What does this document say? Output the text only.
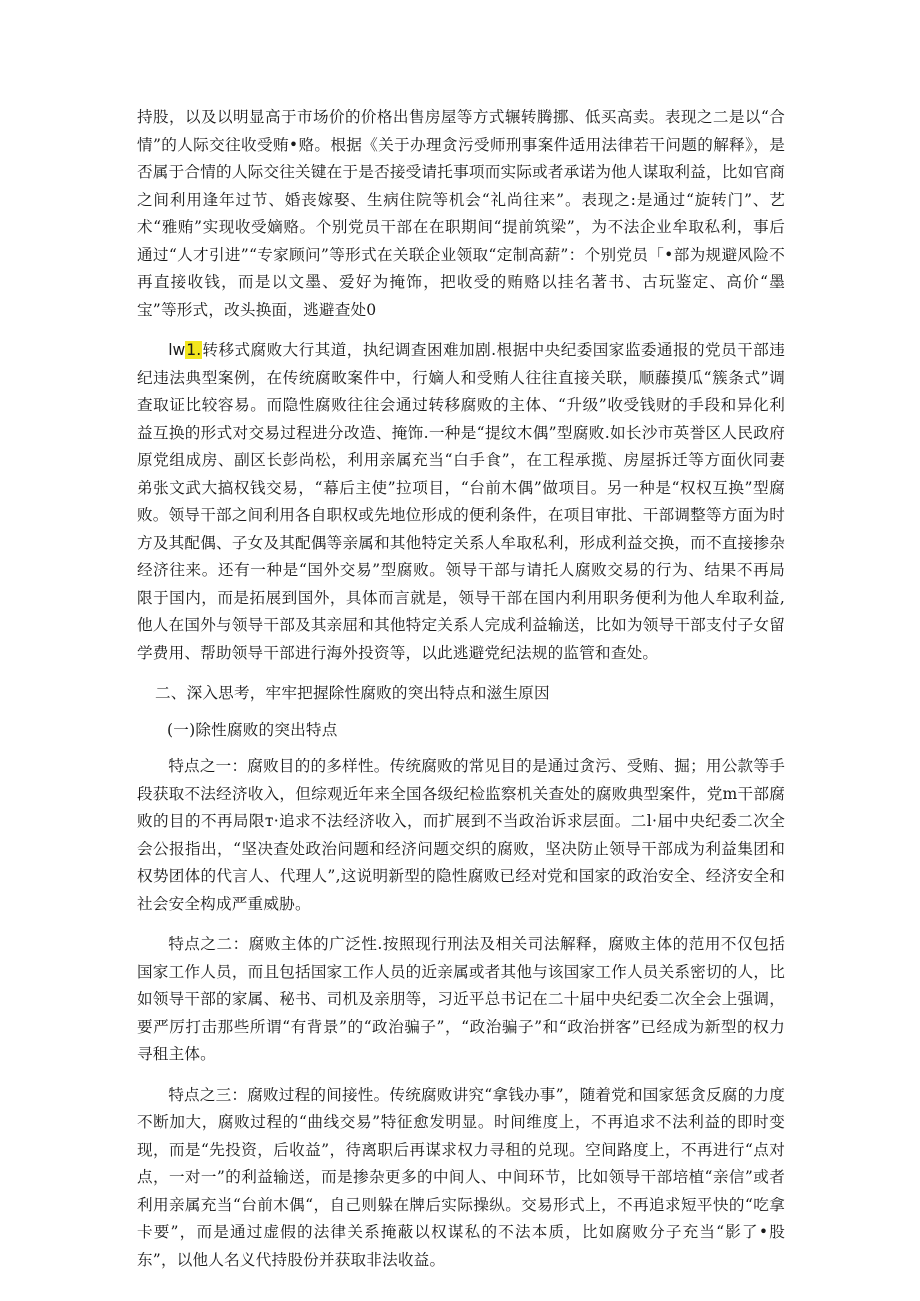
持股，以及以明显高于市场价的价格出售房屋等方式辗转腾挪、低买高卖。表现之二是以“合情”的人际交往收受贿•赂。根据《关于办理贪污受师刑事案件适用法律若干问题的解释》，是否属于合情的人际交往关键在于是否接受请托事项而实际或者承诺为他人谋取利益，比如官商之间利用逢年过节、婚丧嫁娶、生病住院等机会“礼尚往来”。表现之:是通过“旋转门”、艺术“雅贿”实现收受嫡赂。个别党员干部在在职期间“提前筑梁”，为不法企业牟取私利，事后通过“人才引进”“专家顾问”等形式在关联企业领取“定制高薪”：个别党员「•部为规避风险不再直接收钱，而是以文墨、爱好为掩饰，把收受的贿赂以挂名著书、古玩鉴定、高价“墨宝”等形式，改头换面，逃避查处0

lw1.转移式腐败大行其道，执纪调查困难加剧.根据中央纪委国家监委通报的党员干部违纪违法典型案例，在传统腐畋案件中，行嫡人和受贿人往往直接关联，顺藤摸瓜“簇条式”调查取证比较容易。而隐性腐败往往会通过转移腐败的主体、“升级”收受钱财的手段和异化利益互换的形式对交易过程进分改造、掩饰.一种是“提纹木偶”型腐败.如长沙市英誉区人民政府原党组成房、副区长彭尚松，利用亲属充当“白手食”，在工程承揽、房屋拆迁等方面伙同妻弟张文武大搞权钱交易，“幕后主使”拉项目，“台前木偶”做项目。另一种是“权权互换”型腐败。领导干部之间利用各自职权或先地位形成的便利条件，在项目审批、干部调整等方面为时方及其配偶、子女及其配偶等亲属和其他特定关系人牟取私利，形成利益交换，而不直接掺杂经济往来。还有一种是“国外交易”型腐败。领导干部与请托人腐败交易的行为、结果不再局限于国内，而是拓展到国外，具体而言就是，领导干部在国内利用职务便利为他人牟取利益,他人在国外与领导干部及其亲屈和其他特定关系人完成利益输送，比如为领导干部支付子女留学费用、帮助领导干部进行海外投资等，以此逃避党纪法规的监管和查处。

二、深入思考，牢牢把握除性腐败的突出特点和滋生原因

(一)除性腐败的突出特点

特点之一：腐败目的的多样性。传统腐败的常见目的是通过贪污、受贿、掘；用公款等手段获取不法经济收入，但综观近年来全国各级纪检监察机关查处的腐败典型案件，党m干部腐败的目的不再局限т·追求不法经济收入，而扩展到不当政治诉求层面。二l·届中央纪委二次全会公报指出，“坚决查处政治问题和经济问题交织的腐败，坚决防止领导干部成为利益集团和权势团体的代言人、代理人”,这说明新型的隐性腐败已经对党和国家的政治安全、经济安全和社会安全构成严重威胁。

特点之二：腐败主体的广泛性.按照现行刑法及相关司法解释，腐败主体的范用不仅包括国家工作人员，而且包括国家工作人员的近亲属或者其他与该国家工作人员关系密切的人，比如领导干部的家属、秘书、司机及亲朋等，习近平总书记在二十届中央纪委二次全会上强调，要严厉打击那些所谓“有背景”的“政治骗子”，“政治骗子”和“政治拼客”已经成为新型的权力寻租主体。

特点之三：腐败过程的间接性。传统腐败讲究“拿钱办事”，随着党和国家惩贪反腐的力度不断加大，腐败过程的“曲线交易”特征愈发明显。时间维度上，不再追求不法利益的即时变现，而是“先投资，后收益”，待离职后再谋求权力寻租的兑现。空间路度上，不再进行“点对点，一对一”的利益输送，而是掺杂更多的中间人、中间环节，比如领导干部培植“亲信”或者利用亲属充当“台前木偶“，自己则躲在牌后实际操纵。交易形式上，不再追求短平快的“吃拿卡要”，而是通过虚假的法律关系掩蔽以权谋私的不法本质，比如腐败分子充当“影了•股东”，以他人名义代持股份并获取非法收益。
